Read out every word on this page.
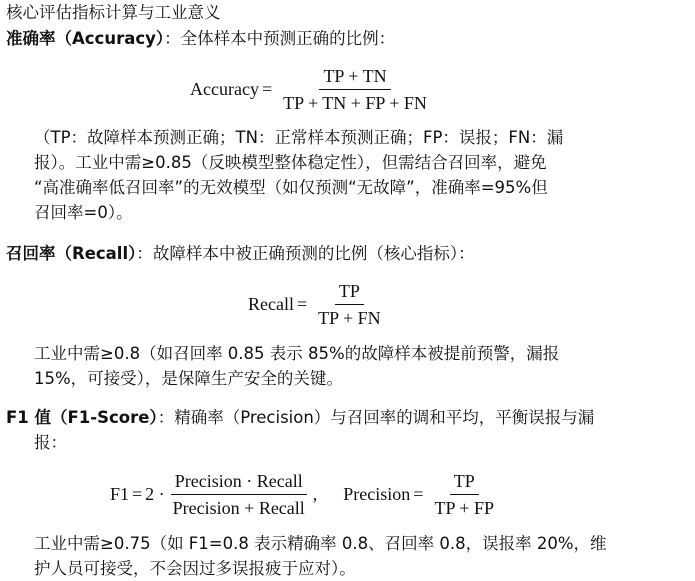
核心评估指标计算与工业意义
准确率（Accuracy）：全体样本中预测正确的比例：
Accuracy = $\frac{TP + TN}{TP + TN + FP + FN}$
（TP：故障样本预测正确；TN：正常样本预测正确；FP：误报；FN：漏
报）。工业中需≥0.85（反映模型整体稳定性），但需结合召回率，避免
“高准确率低召回率”的无效模型（如仅预测“无故障”，准确率=95%但
召回率=0）。
召回率（Recall）：故障样本中被正确预测的比例（核心指标）：
Recall = $\frac{TP}{TP + FN}$
工业中需≥0.8（如召回率 0.85 表示 85%的故障样本被提前预警，漏报
15%，可接受），是保障生产安全的关键。
F1 值（F1-Score）：精确率（Precision）与召回率的调和平均，平衡误报与漏
报：
$F1 = 2 \cdot \frac{\text{Precision · Recall}}{\text{Precision + Recall}}$ , Precision = $\frac{TP}{TP + FP}$
工业中需≥0.75（如 F1=0.8 表示精确率 0.8、召回率 0.8，误报率 20%，维
护人员可接受，不会因过多误报疲于应对）。
